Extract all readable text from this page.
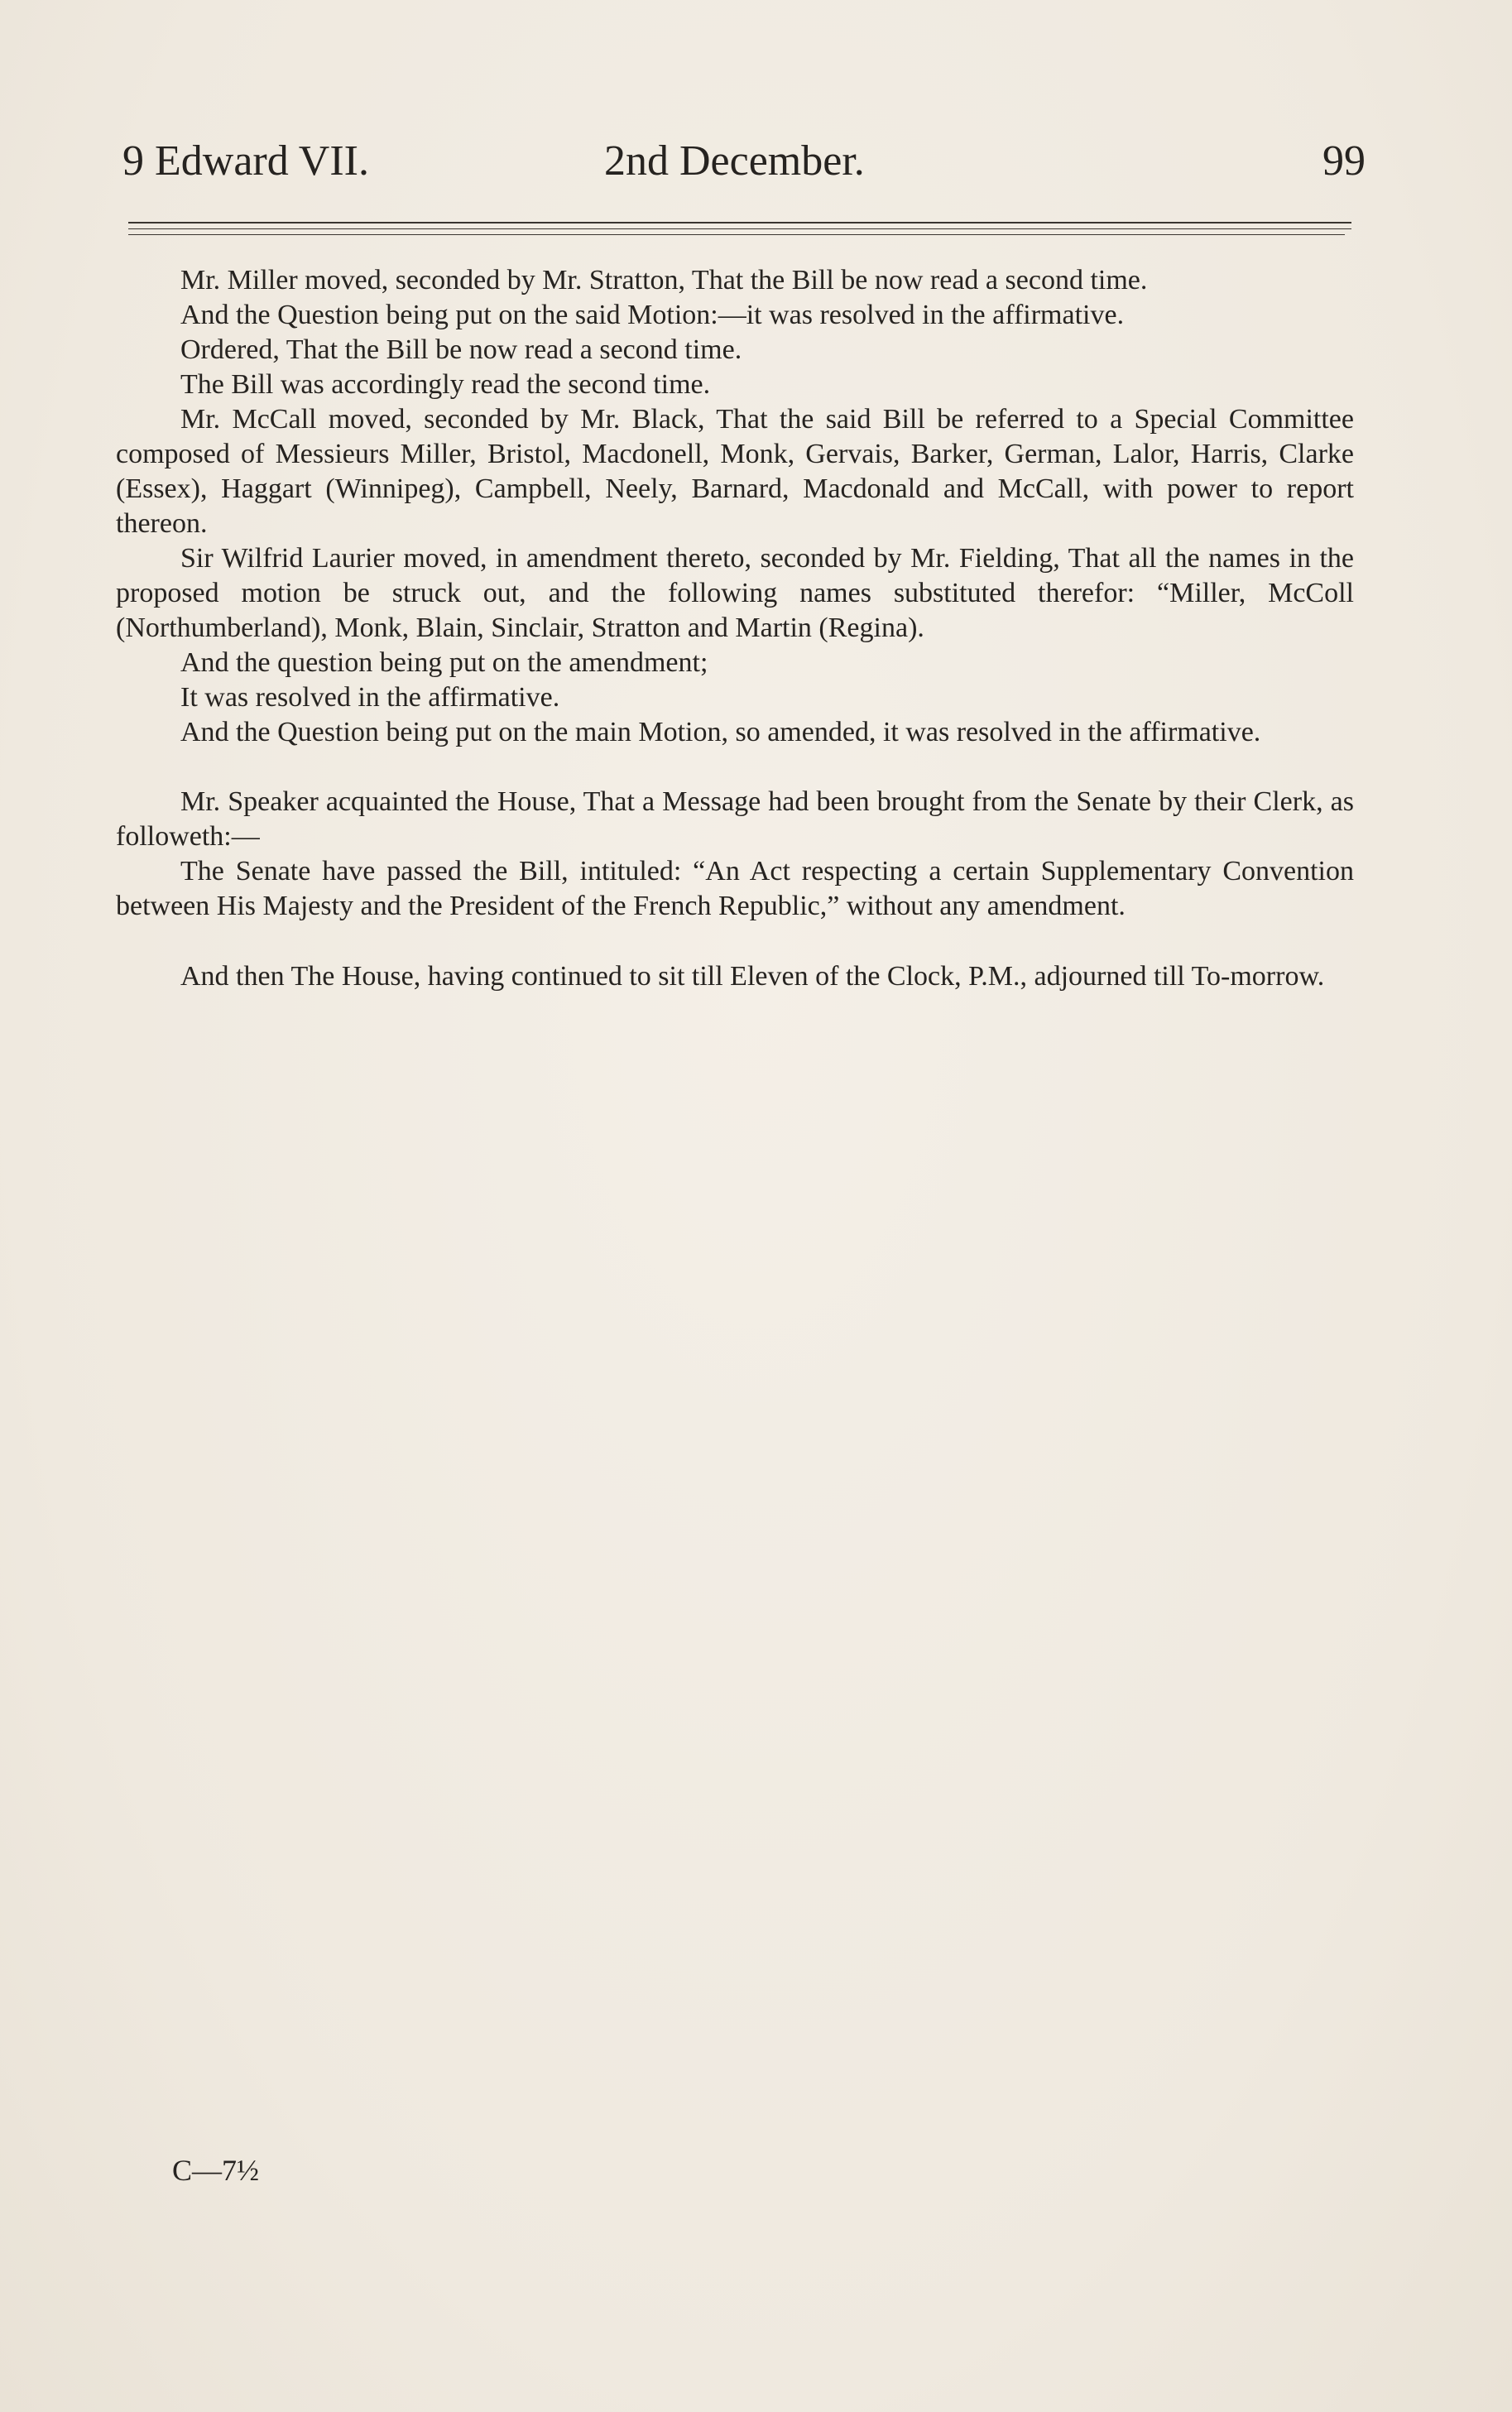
9 Edward VII.	2nd December.	99

Mr. Miller moved, seconded by Mr. Stratton, That the Bill be now read a second time.

And the Question being put on the said Motion:—it was resolved in the affirmative.

Ordered, That the Bill be now read a second time.

The Bill was accordingly read the second time.

Mr. McCall moved, seconded by Mr. Black, That the said Bill be referred to a Special Committee composed of Messieurs Miller, Bristol, Macdonell, Monk, Gervais, Barker, German, Lalor, Harris, Clarke (Essex), Haggart (Winnipeg), Campbell, Neely, Barnard, Macdonald and McCall, with power to report thereon.

Sir Wilfrid Laurier moved, in amendment thereto, seconded by Mr. Fielding, That all the names in the proposed motion be struck out, and the following names substituted therefor: “Miller, McColl (Northumberland), Monk, Blain, Sinclair, Stratton and Martin (Regina).

And the question being put on the amendment;

It was resolved in the affirmative.

And the Question being put on the main Motion, so amended, it was resolved in the affirmative.

Mr. Speaker acquainted the House, That a Message had been brought from the Senate by their Clerk, as followeth:—

The Senate have passed the Bill, intituled: “An Act respecting a certain Supplementary Convention between His Majesty and the President of the French Republic,” without any amendment.

And then The House, having continued to sit till Eleven of the Clock, P.M., adjourned till To-morrow.

C—7½
